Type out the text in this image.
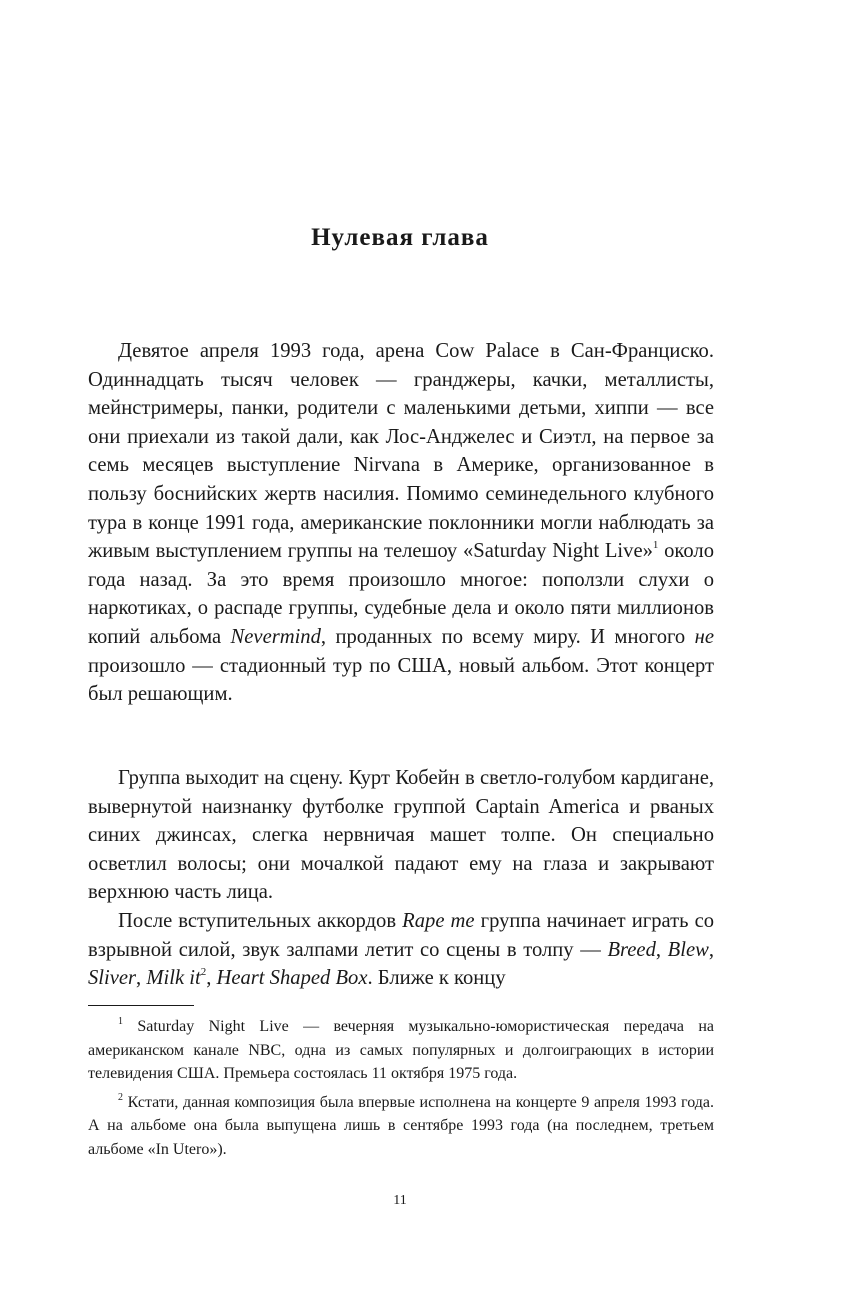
Нулевая глава

Девятое апреля 1993 года, арена Cow Palace в Сан-Франциско. Одиннадцать тысяч человек — гранджеры, качки, металлисты, мейнстримеры, панки, родители с маленькими детьми, хиппи — все они приехали из такой дали, как Лос-Анджелес и Сиэтл, на первое за семь месяцев выступление Nirvana в Америке, организованное в пользу боснийских жертв насилия. Помимо семинедельного клубного тура в конце 1991 года, американские поклонники могли наблюдать за живым выступлением группы на телешоу «Saturday Night Live»$^1$ около года назад. За это время произошло многое: поползли слухи о наркотиках, о распаде группы, судебные дела и около пяти миллионов копий альбома Nevermind, проданных по всему миру. И многого не произошло — стадионный тур по США, новый альбом. Этот концерт был решающим.

Группа выходит на сцену. Курт Кобейн в светло-голубом кардигане, вывернутой наизнанку футболке группой Captain America и рваных синих джинсах, слегка нервничая машет толпе. Он специально осветлил волосы; они мочалкой падают ему на глаза и закрывают верхнюю часть лица.

После вступительных аккордов Rape me группа начинает играть со взрывной силой, звук залпами летит со сцены в толпу — Breed, Blew, Sliver, Milk $it^2$, Heart Shaped Box. Ближе к концу

$^1$ Saturday Night Live — вечерняя музыкально-юмористическая передача на американском канале NBC, одна из самых популярных и долгоиграющих в истории телевидения США. Премьера состоялась 11 октября 1975 года.

$^2$ Кстати, данная композиция была впервые исполнена на концерте 9 апреля 1993 года. А на альбоме она была выпущена лишь в сентябре 1993 года (на последнем, третьем альбоме «In Utero»).

11
